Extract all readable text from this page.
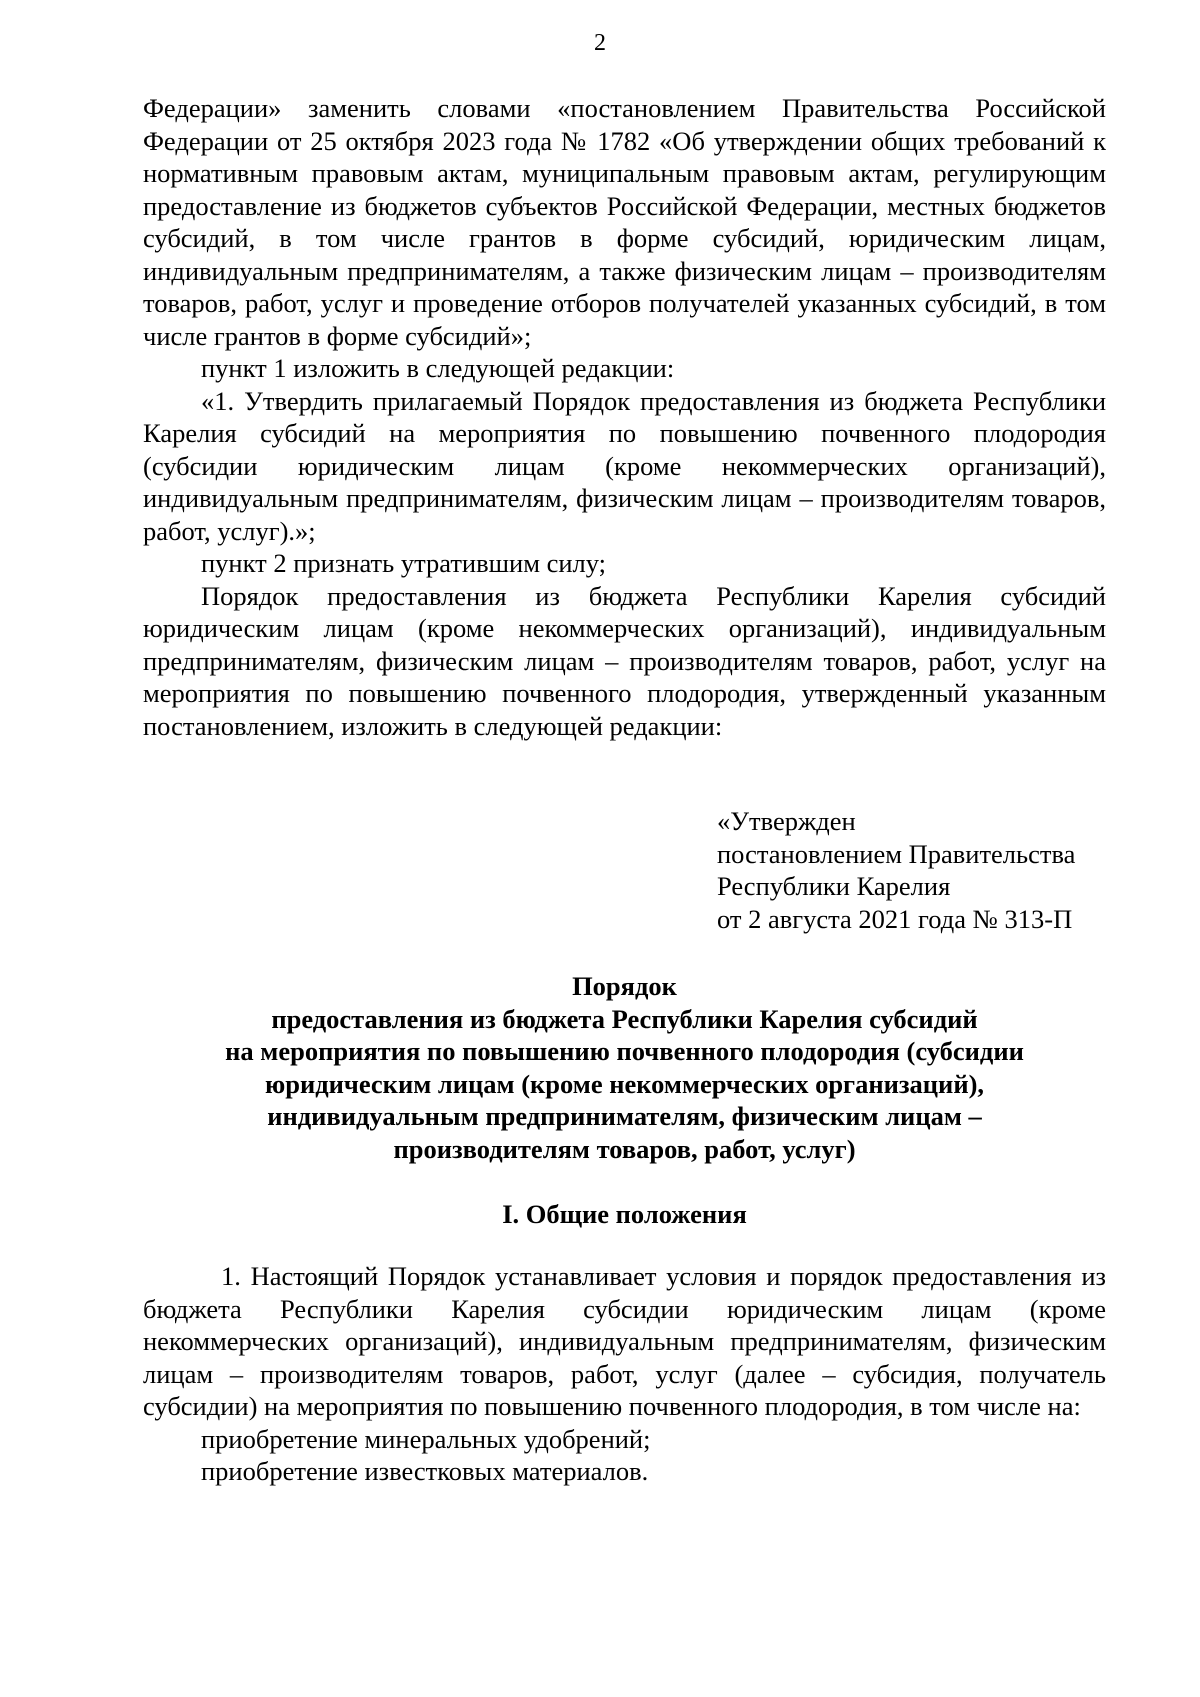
2

Федерации» заменить словами «постановлением Правительства Российской Федерации от 25 октября 2023 года № 1782 «Об утверждении общих требований к нормативным правовым актам, муниципальным правовым актам, регулирующим предоставление из бюджетов субъектов Российской Федерации, местных бюджетов субсидий, в том числе грантов в форме субсидий, юридическим лицам, индивидуальным предпринимателям, а также физическим лицам – производителям товаров, работ, услуг и проведение отборов получателей указанных субсидий, в том числе грантов в форме субсидий»;

пункт 1 изложить в следующей редакции:

«1. Утвердить прилагаемый Порядок предоставления из бюджета Республики Карелия субсидий на мероприятия по повышению почвенного плодородия (субсидии юридическим лицам (кроме некоммерческих организаций), индивидуальным предпринимателям, физическим лицам – производителям товаров, работ, услуг).»;

пункт 2 признать утратившим силу;

Порядок предоставления из бюджета Республики Карелия субсидий юридическим лицам (кроме некоммерческих организаций), индивидуальным предпринимателям, физическим лицам – производителям товаров, работ, услуг на мероприятия по повышению почвенного плодородия, утвержденный указанным постановлением, изложить в следующей редакции:

«Утвержден
постановлением Правительства
Республики Карелия
от 2 августа 2021 года № 313-П
Порядок
предоставления из бюджета Республики Карелия субсидий
на мероприятия по повышению почвенного плодородия (субсидии
юридическим лицам (кроме некоммерческих организаций),
индивидуальным предпринимателям, физическим лицам –
производителям товаров, работ, услуг)
I. Общие положения

1. Настоящий Порядок устанавливает условия и порядок предоставления из бюджета Республики Карелия субсидии юридическим лицам (кроме некоммерческих организаций), индивидуальным предпринимателям, физическим лицам – производителям товаров, работ, услуг (далее – субсидия, получатель субсидии) на мероприятия по повышению почвенного плодородия, в том числе на:

приобретение минеральных удобрений;

приобретение известковых материалов.
